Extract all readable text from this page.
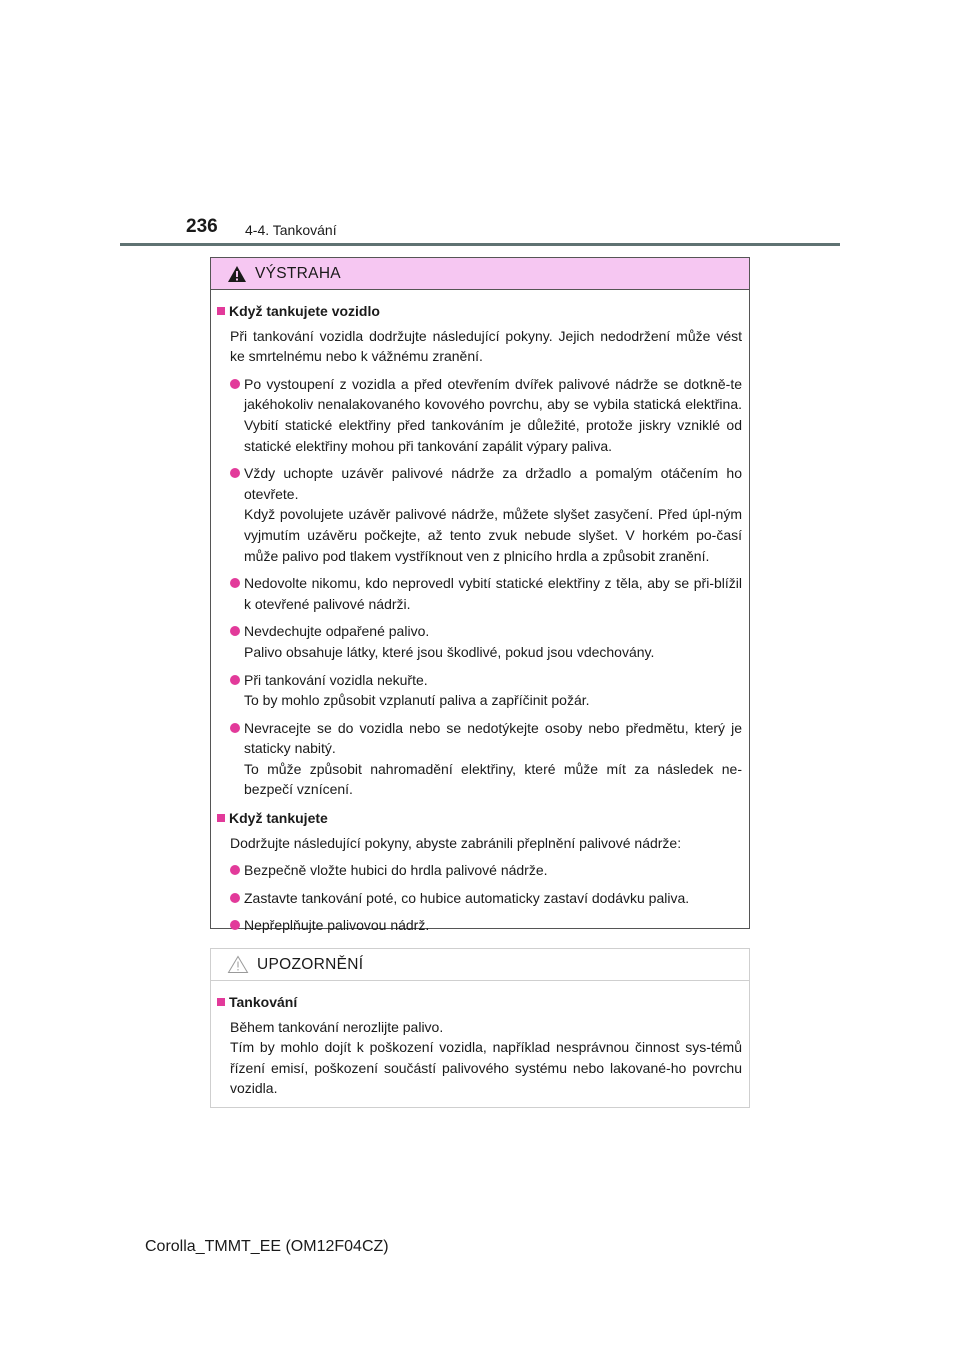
236 4-4. Tankování
VÝSTRAHA
Když tankujete vozidlo

Při tankování vozidla dodržujte následující pokyny. Jejich nedodržení může vést ke smrtelnému nebo k vážnému zranění.

Po vystoupení z vozidla a před otevřením dvířek palivové nádrže se dotkně-te jakéhokoliv nenalakovaného kovového povrchu, aby se vybila statická elektřina. Vybití statické elektřiny před tankováním je důležité, protože jiskry vzniklé od statické elektřiny mohou při tankování zapálit výpary paliva.
Vždy uchopte uzávěr palivové nádrže za držadlo a pomalým otáčením ho otevřete.
Když povolujete uzávěr palivové nádrže, můžete slyšet zasyčení. Před úpl-ným vyjmutím uzávěru počkejte, až tento zvuk nebude slyšet. V horkém po-časí může palivo pod tlakem vystříknout ven z plnicího hrdla a způsobit zranění.
Nedovolte nikomu, kdo neprovedl vybití statické elektřiny z těla, aby se při-blížil k otevřené palivové nádrži.
Nevdechujte odpařené palivo.
Palivo obsahuje látky, které jsou škodlivé, pokud jsou vdechovány.
Při tankování vozidla nekuřte.
To by mohlo způsobit vzplanutí paliva a zapříčinit požár.
Nevracejte se do vozidla nebo se nedotýkejte osoby nebo předmětu, který je staticky nabitý.
To může způsobit nahromadění elektřiny, které může mít za následek ne-bezpečí vznícení.
Když tankujete

Dodržujte následující pokyny, abyste zabránili přeplnění palivové nádrže:

Bezpečně vložte hubici do hrdla palivové nádrže.
Zastavte tankování poté, co hubice automaticky zastaví dodávku paliva.
Nepřeplňujte palivovou nádrž.
UPOZORNĚNÍ
Tankování

Během tankování nerozlijte palivo.
Tím by mohlo dojít k poškození vozidla, například nesprávnou činnost sys-témů řízení emisí, poškození součástí palivového systému nebo lakované-ho povrchu vozidla.

Corolla_TMMT_EE (OM12F04CZ)
